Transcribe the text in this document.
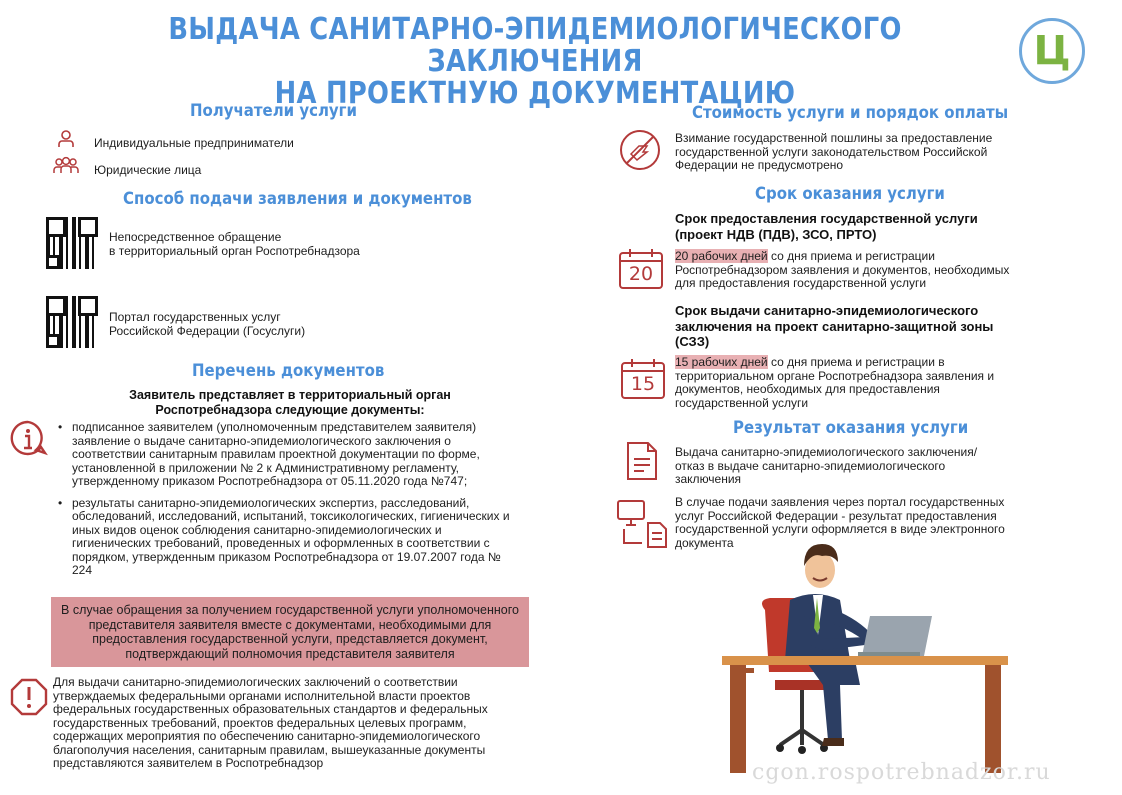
ВЫДАЧА САНИТАРНО-ЭПИДЕМИОЛОГИЧЕСКОГО ЗАКЛЮЧЕНИЯ
НА ПРОЕКТНУЮ ДОКУМЕНТАЦИЮ
Ц
Получатели услуги
Индивидуальные предприниматели
Юридические лица
Способ подачи заявления и документов
Непосредственное обращение
в территориальный орган Роспотребнадзора
Портал государственных услуг
Российской Федерации (Госуслуги)
Перечень документов
Заявитель представляет в территориальный орган
Роспотребнадзора следующие документы:
• подписанное заявителем (уполномоченным представителем заявителя) заявление о выдаче санитарно-эпидемиологического заключения о соответствии санитарным правилам проектной документации по форме, установленной в приложении № 2 к Административному регламенту, утвержденному приказом Роспотребнадзора от 05.11.2020 года №747;
• результаты санитарно-эпидемиологических экспертиз, расследований, обследований, исследований, испытаний, токсикологических, гигиенических и иных видов оценок соблюдения санитарно-эпидемиологических и гигиенических требований, проведенных и оформленных в соответствии с порядком, утвержденным приказом Роспотребнадзора от 19.07.2007 года № 224
В случае обращения за получением государственной услуги уполномоченного представителя заявителя вместе с документами, необходимыми для предоставления государственной услуги, представляется документ, подтверждающий полномочия представителя заявителя
Для выдачи санитарно-эпидемиологических заключений о соответствии утверждаемых федеральными органами исполнительной власти проектов федеральных государственных образовательных стандартов и федеральных государственных требований, проектов федеральных целевых программ, содержащих мероприятия по обеспечению санитарно-эпидемиологического благополучия населения, санитарным правилам, вышеуказанные документы представляются заявителем в Роспотребнадзор
Стоимость услуги и порядок оплаты
Взимание государственной пошлины за предоставление государственной услуги законодательством Российской Федерации не предусмотрено
Срок оказания услуги
Срок предоставления государственной услуги (проект НДВ (ПДВ), ЗСО, ПРТО)
20
20 рабочих дней со дня приема и регистрации Роспотребнадзором заявления и документов, необходимых для предоставления государственной услуги
Срок выдачи санитарно-эпидемиологического заключения на проект санитарно-защитной зоны (СЗЗ)
15
15 рабочих дней со дня приема и регистрации в территориальном органе Роспотребнадзора заявления и документов, необходимых для предоставления государственной услуги
Результат оказания услуги
Выдача санитарно-эпидемиологического заключения/ отказ в выдаче санитарно-эпидемиологического заключения
В случае подачи заявления через портал государственных услуг Российской Федерации - результат предоставления государственной услуги оформляется в виде электронного документа
cgon.rospotrebnadzor.ru
